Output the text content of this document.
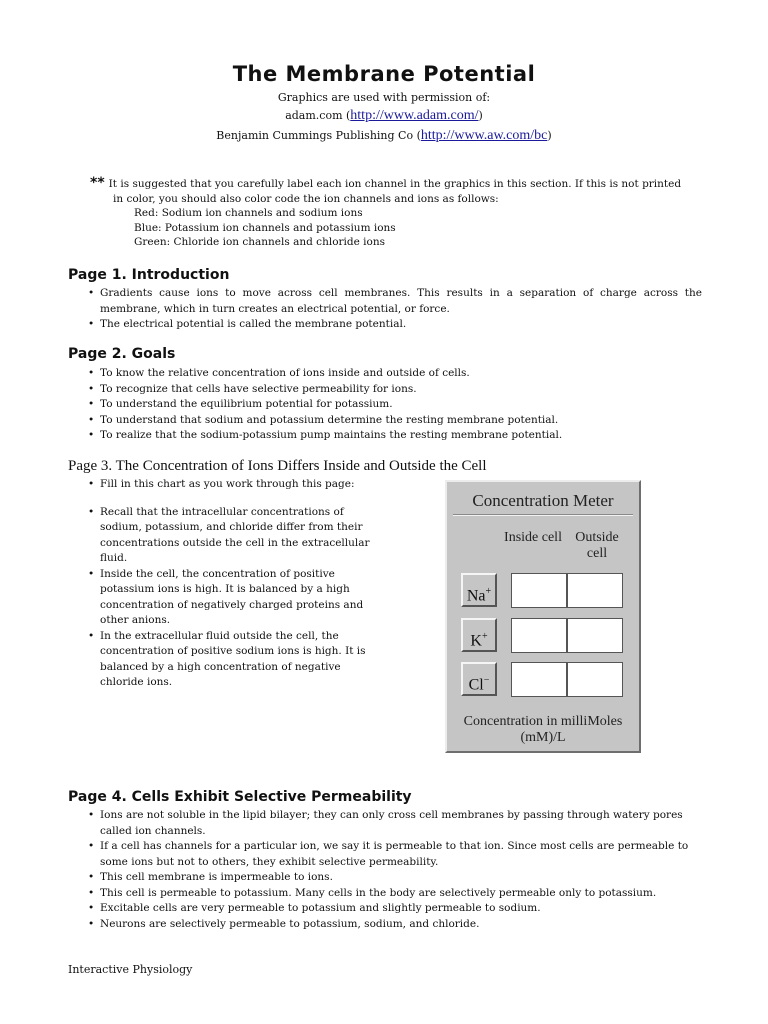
The Membrane Potential
Graphics are used with permission of:
adam.com (http://www.adam.com/)
Benjamin Cummings Publishing Co (http://www.aw.com/bc)
** It is suggested that you carefully label each ion channel in the graphics in this section. If this is not printed
in color, you should also color code the ion channels and ions as follows:
Red: Sodium ion channels and sodium ions
Blue: Potassium ion channels and potassium ions
Green: Chloride ion channels and chloride ions
Page 1. Introduction
• Gradients cause ions to move across cell membranes. This results in a separation of charge across the membrane, which in turn creates an electrical potential, or force.
• The electrical potential is called the membrane potential.
Page 2. Goals
• To know the relative concentration of ions inside and outside of cells.
• To recognize that cells have selective permeability for ions.
• To understand the equilibrium potential for potassium.
• To understand that sodium and potassium determine the resting membrane potential.
• To realize that the sodium-potassium pump maintains the resting membrane potential.
Page 3. The Concentration of Ions Differs Inside and Outside the Cell
• Fill in this chart as you work through this page:
• Recall that the intracellular concentrations of sodium, potassium, and chloride differ from their concentrations outside the cell in the extracellular fluid.
• Inside the cell, the concentration of positive potassium ions is high. It is balanced by a high concentration of negatively charged proteins and other anions.
• In the extracellular fluid outside the cell, the concentration of positive sodium ions is high. It is balanced by a high concentration of negative chloride ions.
Concentration Meter
Inside cell Outside cell
Na+
K+
Cl−
Concentration in milliMoles (mM)/L
Page 4. Cells Exhibit Selective Permeability
• Ions are not soluble in the lipid bilayer; they can only cross cell membranes by passing through watery pores called ion channels.
• If a cell has channels for a particular ion, we say it is permeable to that ion. Since most cells are permeable to some ions but not to others, they exhibit selective permeability.
• This cell membrane is impermeable to ions.
• This cell is permeable to potassium. Many cells in the body are selectively permeable only to potassium.
• Excitable cells are very permeable to potassium and slightly permeable to sodium.
• Neurons are selectively permeable to potassium, sodium, and chloride.
Interactive Physiology
